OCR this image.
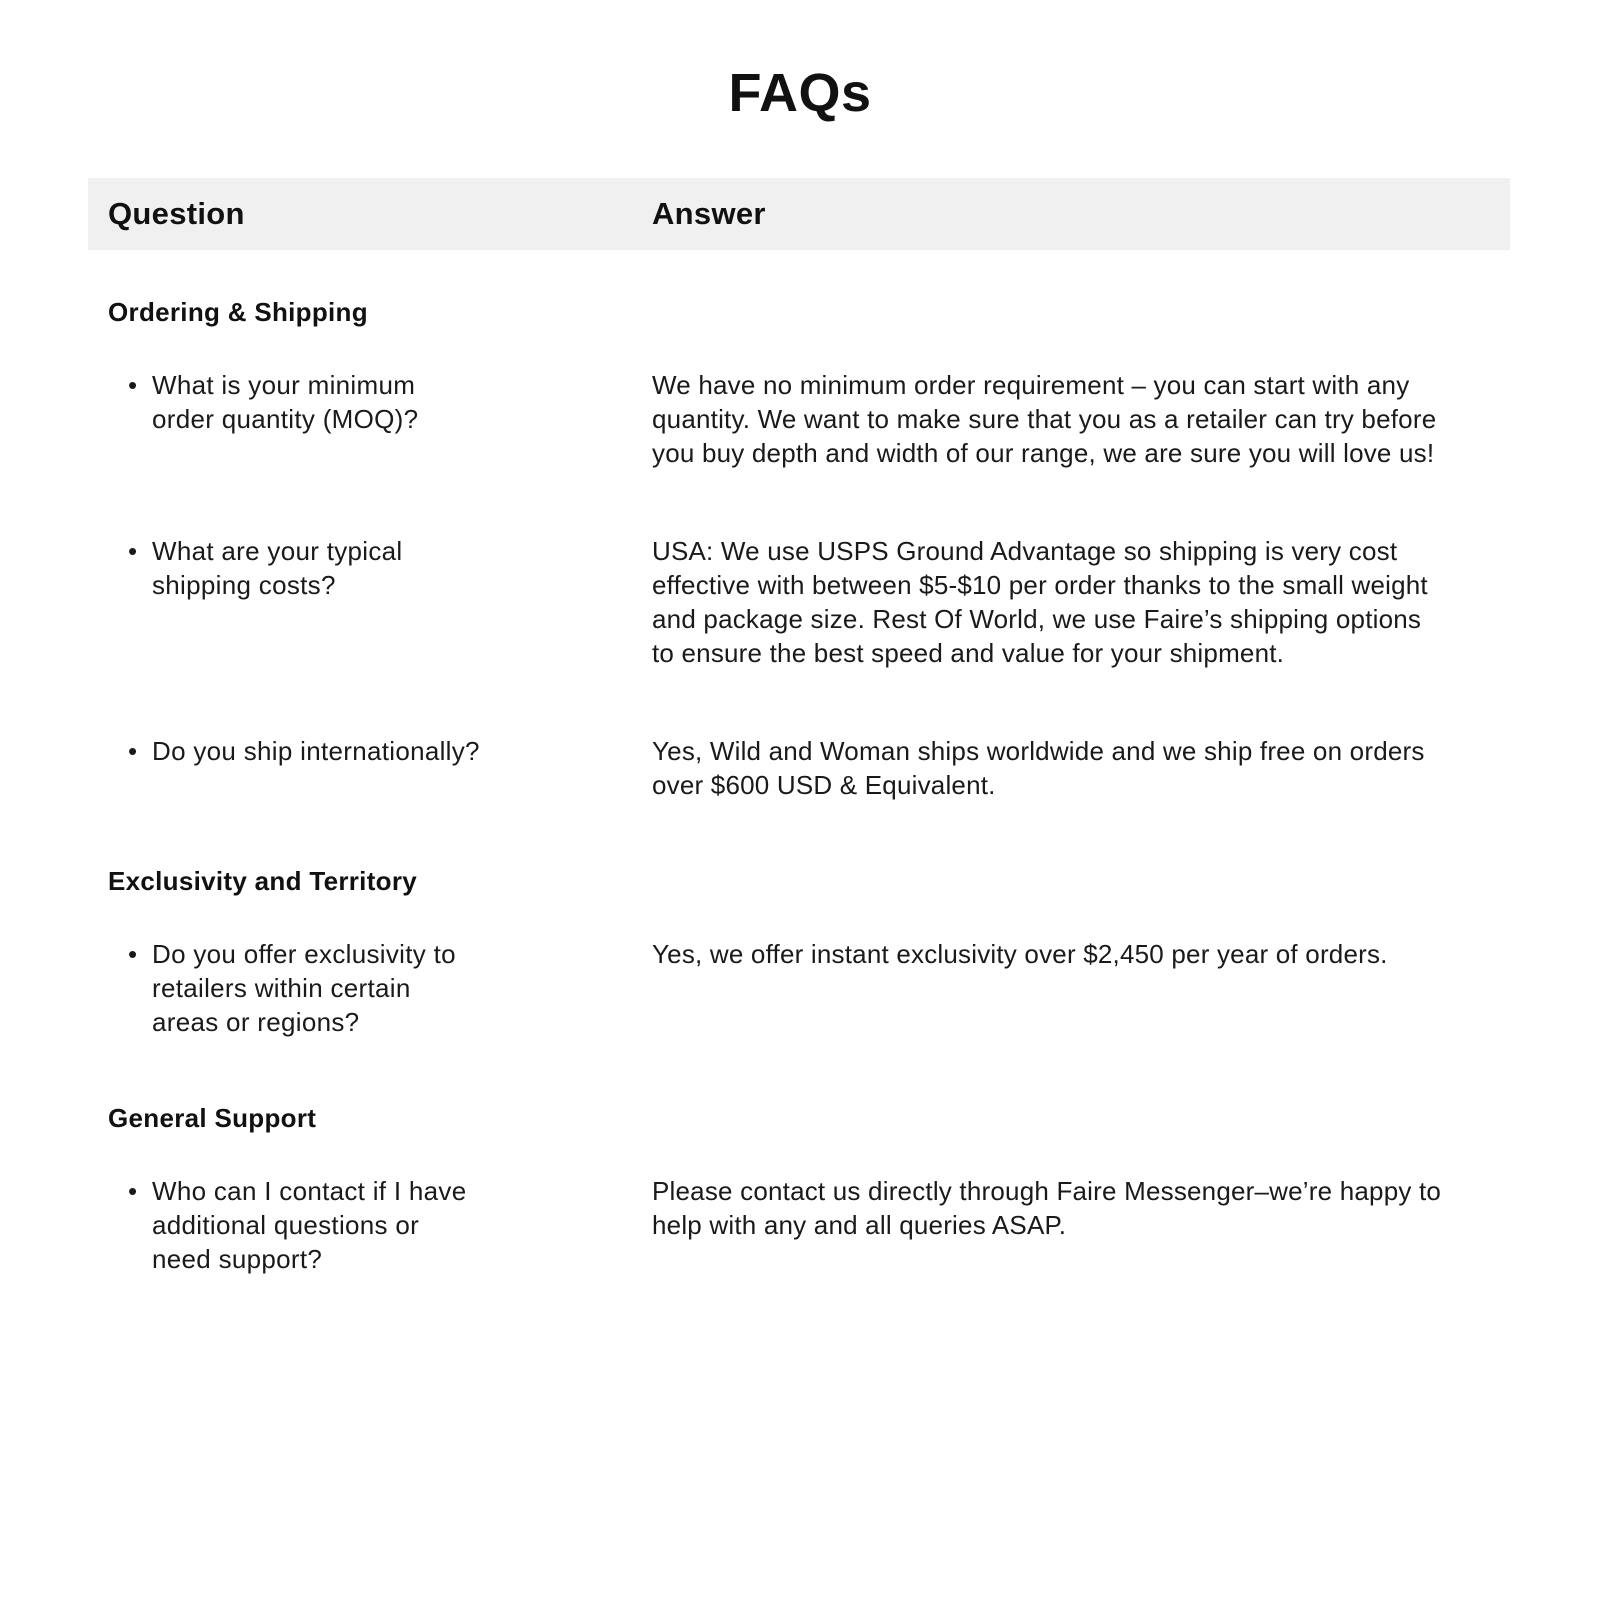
FAQs
Question	Answer
Ordering & Shipping
• What is your minimum order quantity (MOQ)?
We have no minimum order requirement – you can start with any quantity. We want to make sure that you as a retailer can try before you buy depth and width of our range, we are sure you will love us!
• What are your typical shipping costs?
USA: We use USPS Ground Advantage so shipping is very cost effective with between $5-$10 per order thanks to the small weight and package size. Rest Of World, we use Faire’s shipping options to ensure the best speed and value for your shipment.
• Do you ship internationally?	Yes, Wild and Woman ships worldwide and we ship free on orders over $600 USD & Equivalent.
Exclusivity and Territory
• Do you offer exclusivity to retailers within certain areas or regions?
Yes, we offer instant exclusivity over $2,450 per year of orders.
General Support
• Who can I contact if I have additional questions or need support?
Please contact us directly through Faire Messenger–we’re happy to help with any and all queries ASAP.
